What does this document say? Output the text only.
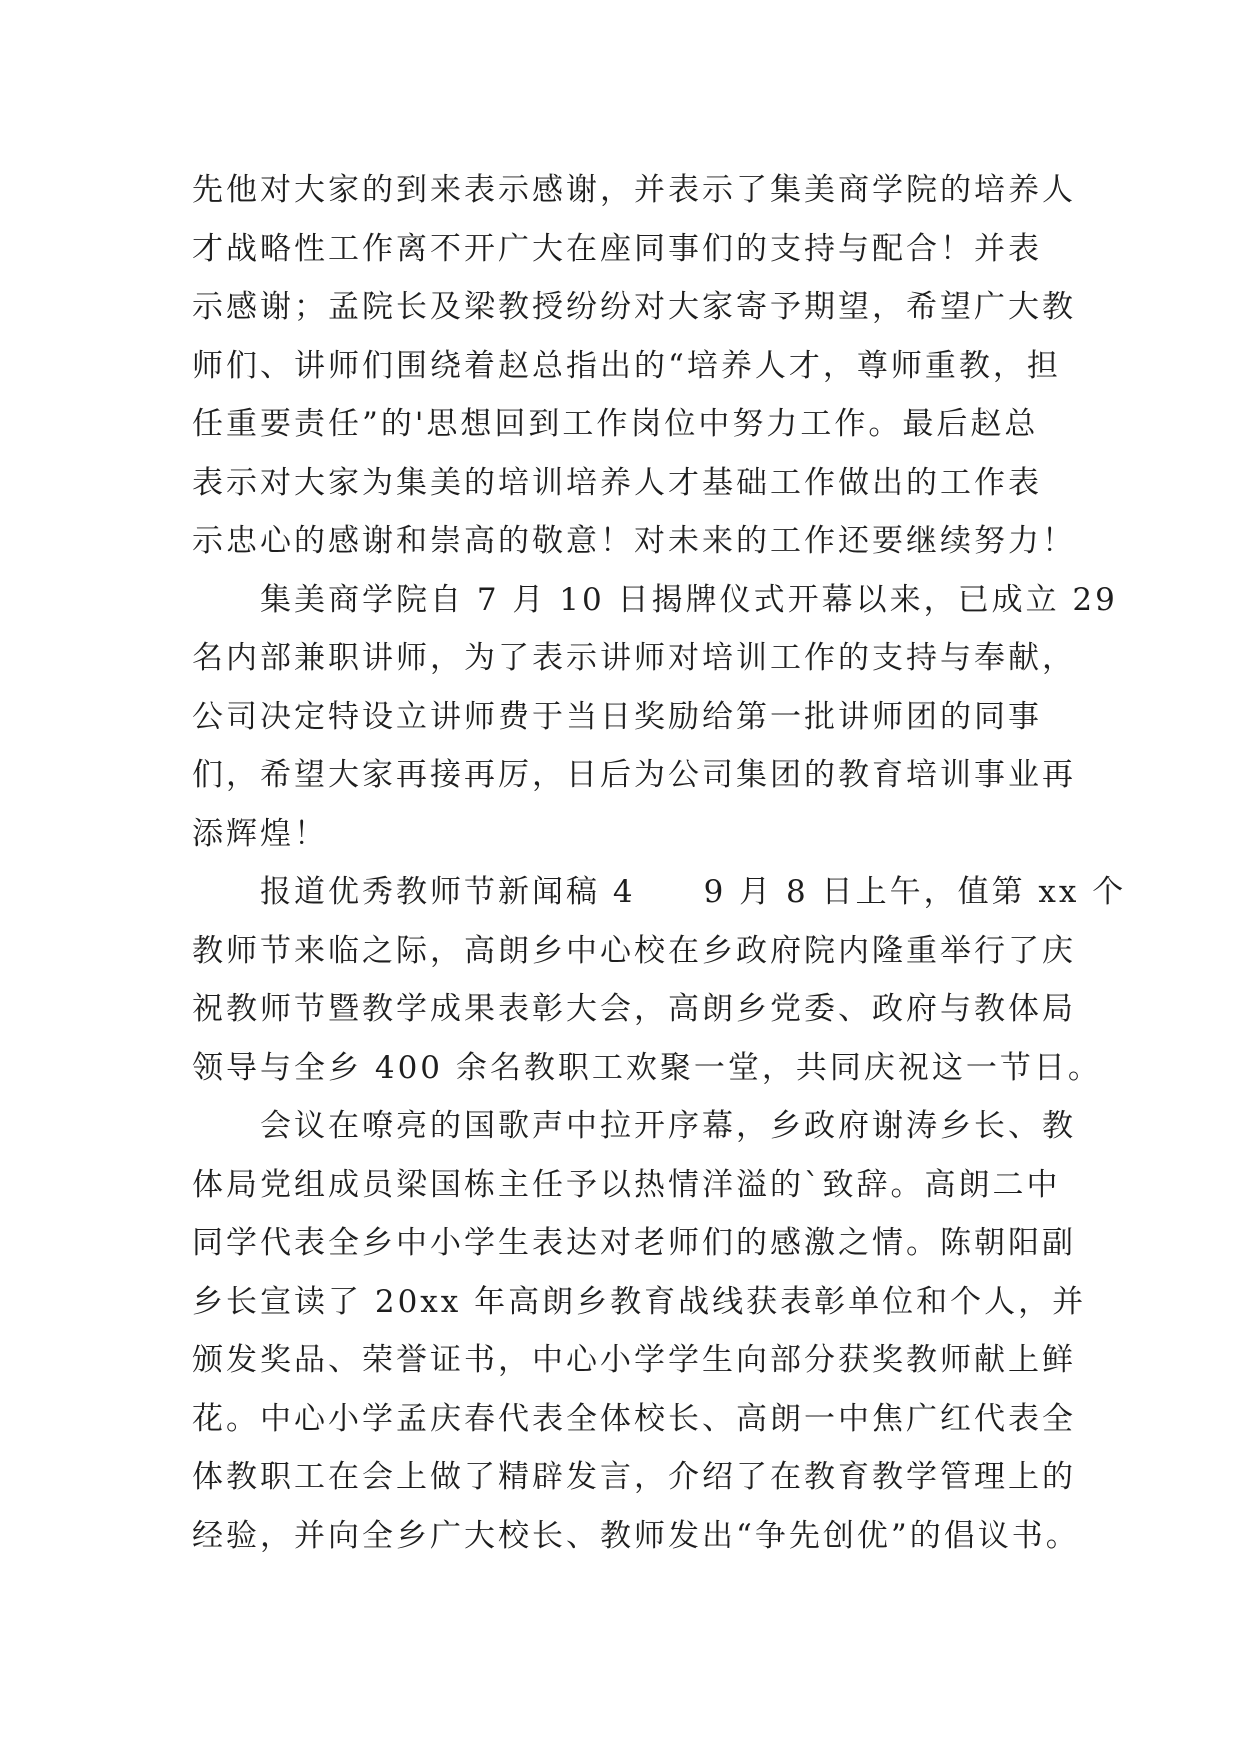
先他对大家的到来表示感谢，并表示了集美商学院的培养人
才战略性工作离不开广大在座同事们的支持与配合！并表
示感谢；孟院长及梁教授纷纷对大家寄予期望，希望广大教
师们、讲师们围绕着赵总指出的“培养人才，尊师重教，担
任重要责任”的'思想回到工作岗位中努力工作。最后赵总
表示对大家为集美的培训培养人才基础工作做出的工作表
示忠心的感谢和崇高的敬意！对未来的工作还要继续努力！
　　集美商学院自 7 月 10 日揭牌仪式开幕以来，已成立 29
名内部兼职讲师，为了表示讲师对培训工作的支持与奉献，
公司决定特设立讲师费于当日奖励给第一批讲师团的同事
们，希望大家再接再厉，日后为公司集团的教育培训事业再
添辉煌！
　　报道优秀教师节新闻稿 4　　9 月 8 日上午，值第 xx 个
教师节来临之际，高朗乡中心校在乡政府院内隆重举行了庆
祝教师节暨教学成果表彰大会，高朗乡党委、政府与教体局
领导与全乡 400 余名教职工欢聚一堂，共同庆祝这一节日。
　　会议在嘹亮的国歌声中拉开序幕，乡政府谢涛乡长、教
体局党组成员梁国栋主任予以热情洋溢的`致辞。高朗二中
同学代表全乡中小学生表达对老师们的感激之情。陈朝阳副
乡长宣读了 20xx 年高朗乡教育战线获表彰单位和个人，并
颁发奖品、荣誉证书，中心小学学生向部分获奖教师献上鲜
花。中心小学孟庆春代表全体校长、高朗一中焦广红代表全
体教职工在会上做了精辟发言，介绍了在教育教学管理上的
经验，并向全乡广大校长、教师发出“争先创优”的倡议书。
